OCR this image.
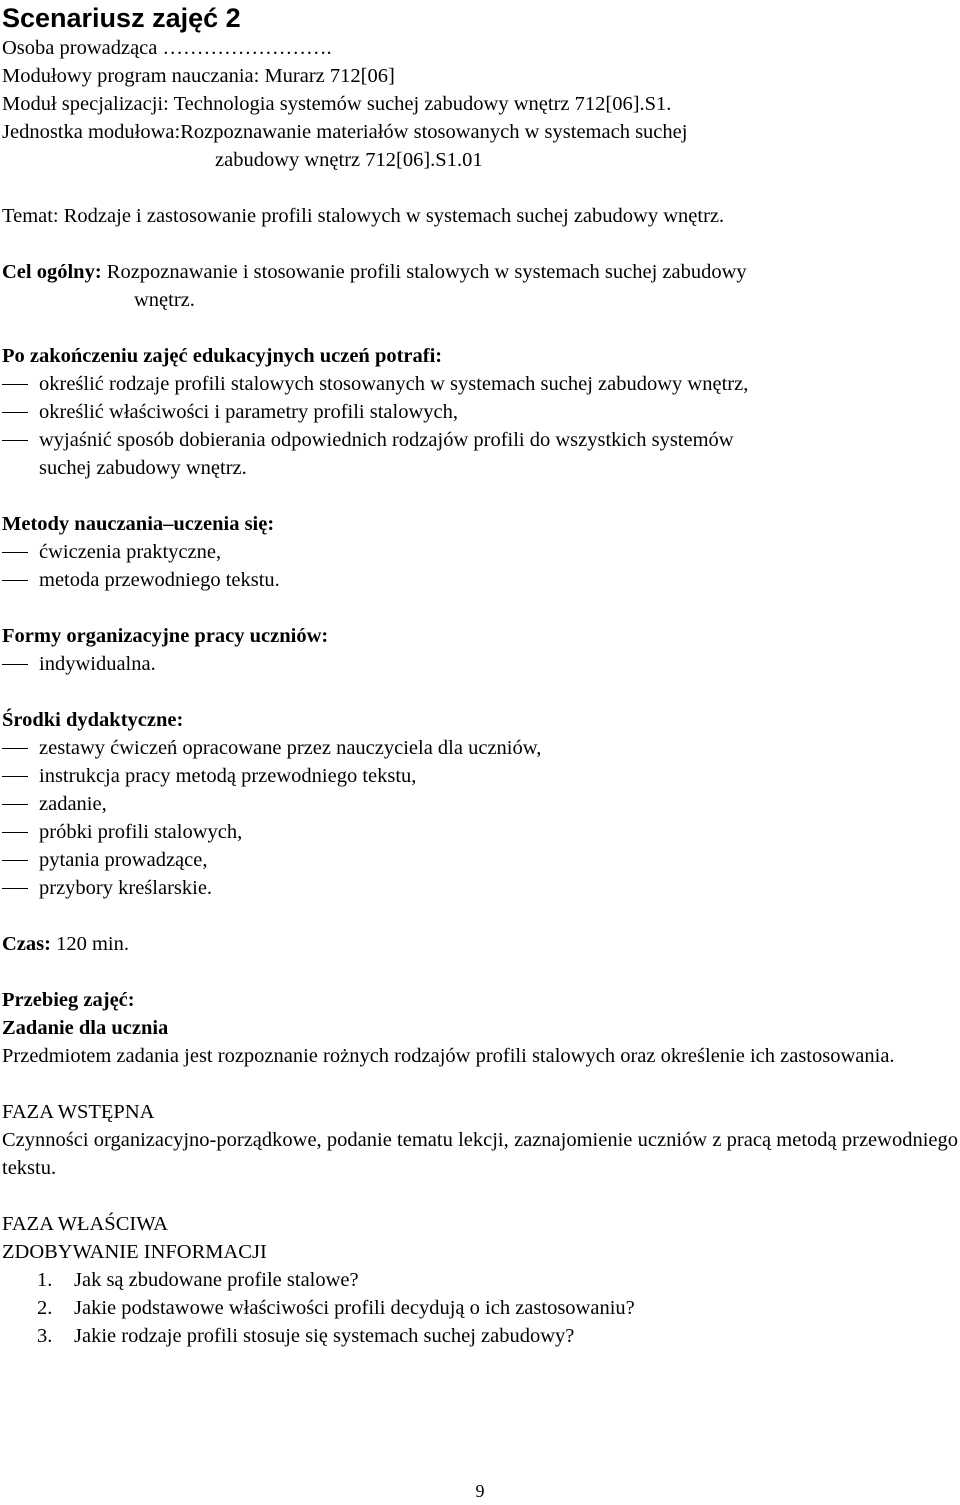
Scenariusz zajęć 2
Osoba prowadząca …………………….
Modułowy program nauczania: Murarz 712[06]
Moduł specjalizacji: Technologia systemów suchej zabudowy wnętrz 712[06].S1.
Jednostka modułowa:Rozpoznawanie materiałów stosowanych w systemach suchej
zabudowy wnętrz 712[06].S1.01
Temat: Rodzaje i zastosowanie profili stalowych w systemach suchej zabudowy wnętrz.
Cel ogólny: Rozpoznawanie i stosowanie profili stalowych w systemach suchej zabudowy
wnętrz.
Po zakończeniu zajęć edukacyjnych uczeń potrafi:
określić rodzaje profili stalowych stosowanych w systemach suchej zabudowy wnętrz,
określić właściwości i parametry profili stalowych,
wyjaśnić sposób dobierania odpowiednich rodzajów profili do wszystkich systemów
suchej zabudowy wnętrz.
Metody nauczania–uczenia się:
ćwiczenia praktyczne,
metoda przewodniego tekstu.
Formy organizacyjne pracy uczniów:
indywidualna.
Środki dydaktyczne:
zestawy ćwiczeń opracowane przez nauczyciela dla uczniów,
instrukcja pracy metodą przewodniego tekstu,
zadanie,
próbki profili stalowych,
pytania prowadzące,
przybory kreślarskie.
Czas: 120 min.
Przebieg zajęć:
Zadanie dla ucznia
Przedmiotem zadania jest rozpoznanie rożnych rodzajów profili stalowych oraz określenie ich zastosowania.
FAZA WSTĘPNA
Czynności organizacyjno-porządkowe, podanie tematu lekcji, zaznajomienie uczniów z pracą metodą przewodniego tekstu.
FAZA WŁAŚCIWA
ZDOBYWANIE INFORMACJI
1. Jak są zbudowane profile stalowe?
2. Jakie podstawowe właściwości profili decydują o ich zastosowaniu?
3. Jakie rodzaje profili stosuje się systemach suchej zabudowy?
9
